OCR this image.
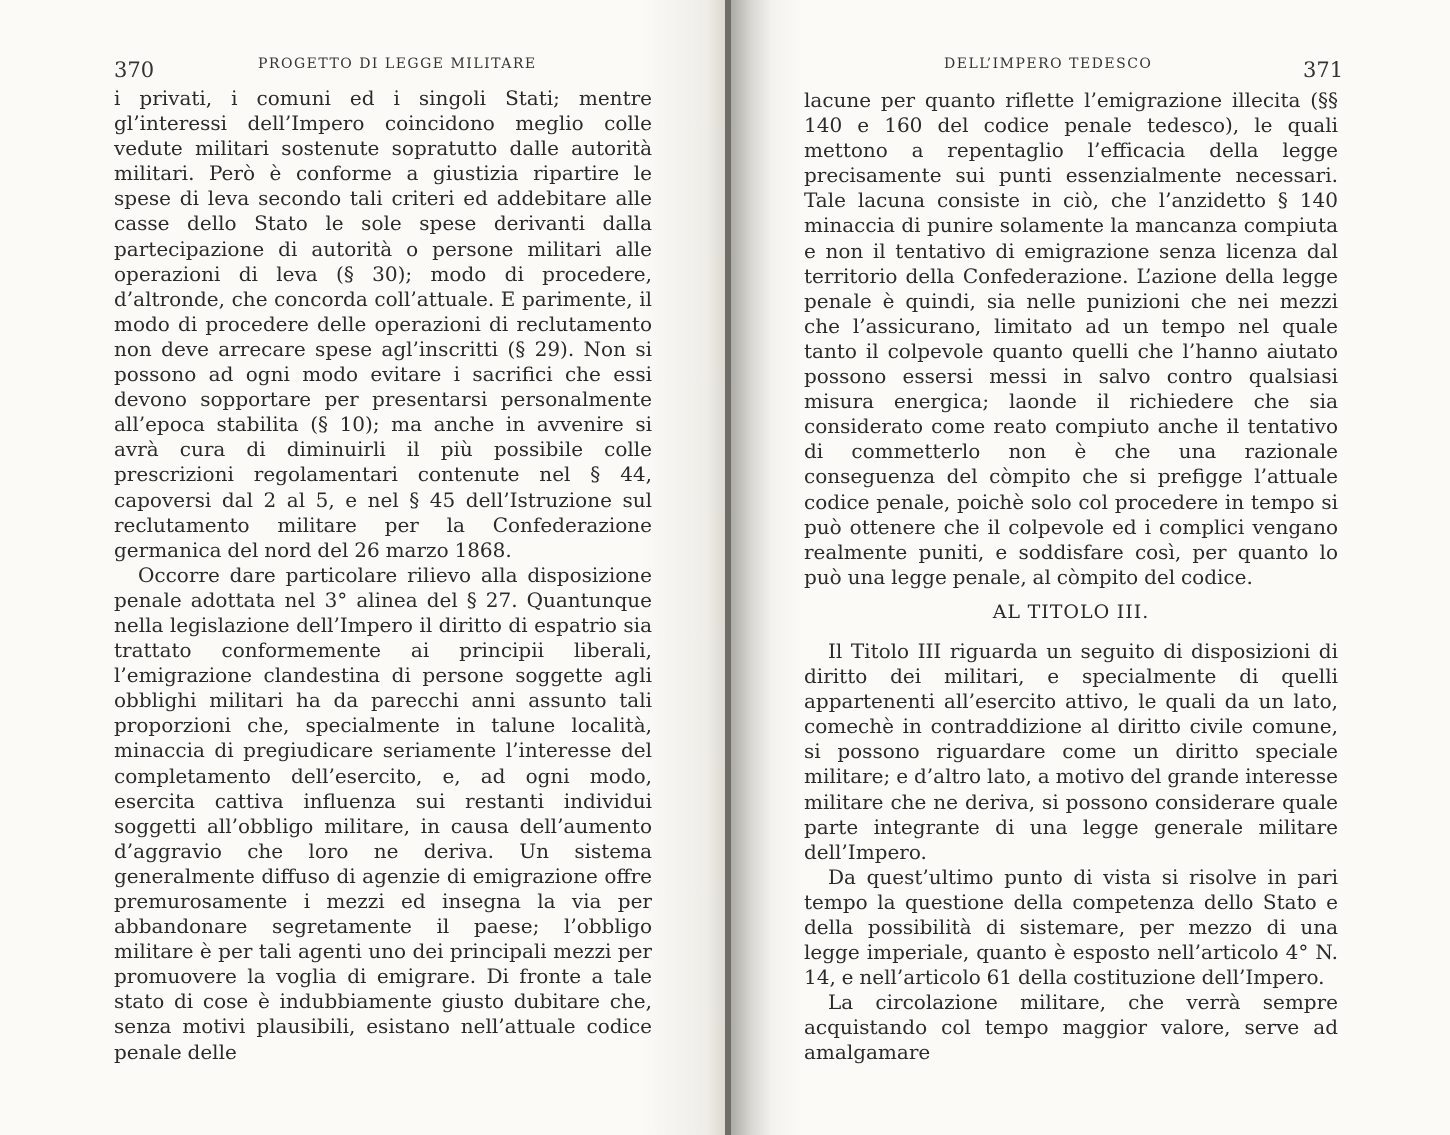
370	PROGETTO DI LEGGE MILITARE

i privati, i comuni ed i singoli Stati; mentre gl’interessi dell’Impero coincidono meglio colle vedute militari sostenute sopratutto dalle autorità militari. Però è conforme a giustizia ripartire le spese di leva secondo tali criteri ed addebitare alle casse dello Stato le sole spese derivanti dalla partecipazione di autorità o persone militari alle operazioni di leva (§ 30); modo di procedere, d’altronde, che concorda coll’attuale. E parimente, il modo di procedere delle operazioni di reclutamento non deve arrecare spese agl’inscritti (§ 29). Non si possono ad ogni modo evitare i sacrifici che essi devono sopportare per presentarsi personalmente all’epoca stabilita (§ 10); ma anche in avvenire si avrà cura di diminuirli il più possibile colle prescrizioni regolamentari contenute nel § 44, capoversi dal 2 al 5, e nel § 45 dell’Istruzione sul reclutamento militare per la Confederazione germanica del nord del 26 marzo 1868.

Occorre dare particolare rilievo alla disposizione penale adottata nel 3° alinea del § 27. Quantunque nella legislazione dell’Impero il diritto di espatrio sia trattato conformemente ai principii liberali, l’emigrazione clandestina di persone soggette agli obblighi militari ha da parecchi anni assunto tali proporzioni che, specialmente in talune località, minaccia di pregiudicare seriamente l’interesse del completamento dell’esercito, e, ad ogni modo, esercita cattiva influenza sui restanti individui soggetti all’obbligo militare, in causa dell’aumento d’aggravio che loro ne deriva. Un sistema generalmente diffuso di agenzie di emigrazione offre premurosamente i mezzi ed insegna la via per abbandonare segretamente il paese; l’obbligo militare è per tali agenti uno dei principali mezzi per promuovere la voglia di emigrare. Di fronte a tale stato di cose è indubbiamente giusto dubitare che, senza motivi plausibili, esistano nell’attuale codice penale delle

DELL’IMPERO TEDESCO	371

lacune per quanto riflette l’emigrazione illecita (§§ 140 e 160 del codice penale tedesco), le quali mettono a repentaglio l’efficacia della legge precisamente sui punti essenzialmente necessari. Tale lacuna consiste in ciò, che l’anzidetto § 140 minaccia di punire solamente la mancanza compiuta e non il tentativo di emigrazione senza licenza dal territorio della Confederazione. L’azione della legge penale è quindi, sia nelle punizioni che nei mezzi che l’assicurano, limitato ad un tempo nel quale tanto il colpevole quanto quelli che l’hanno aiutato possono essersi messi in salvo contro qualsiasi misura energica; laonde il richiedere che sia considerato come reato compiuto anche il tentativo di commetterlo non è che una razionale conseguenza del còmpito che si prefigge l’attuale codice penale, poichè solo col procedere in tempo si può ottenere che il colpevole ed i complici vengano realmente puniti, e soddisfare così, per quanto lo può una legge penale, al còmpito del codice.

AL TITOLO III.

Il Titolo III riguarda un seguito di disposizioni di diritto dei militari, e specialmente di quelli appartenenti all’esercito attivo, le quali da un lato, comechè in contraddizione al diritto civile comune, si possono riguardare come un diritto speciale militare; e d’altro lato, a motivo del grande interesse militare che ne deriva, si possono considerare quale parte integrante di una legge generale militare dell’Impero.

Da quest’ultimo punto di vista si risolve in pari tempo la questione della competenza dello Stato e della possibilità di sistemare, per mezzo di una legge imperiale, quanto è esposto nell’articolo 4° N. 14, e nell’articolo 61 della costituzione dell’Impero.

La circolazione militare, che verrà sempre acquistando col tempo maggior valore, serve ad amalgamare
